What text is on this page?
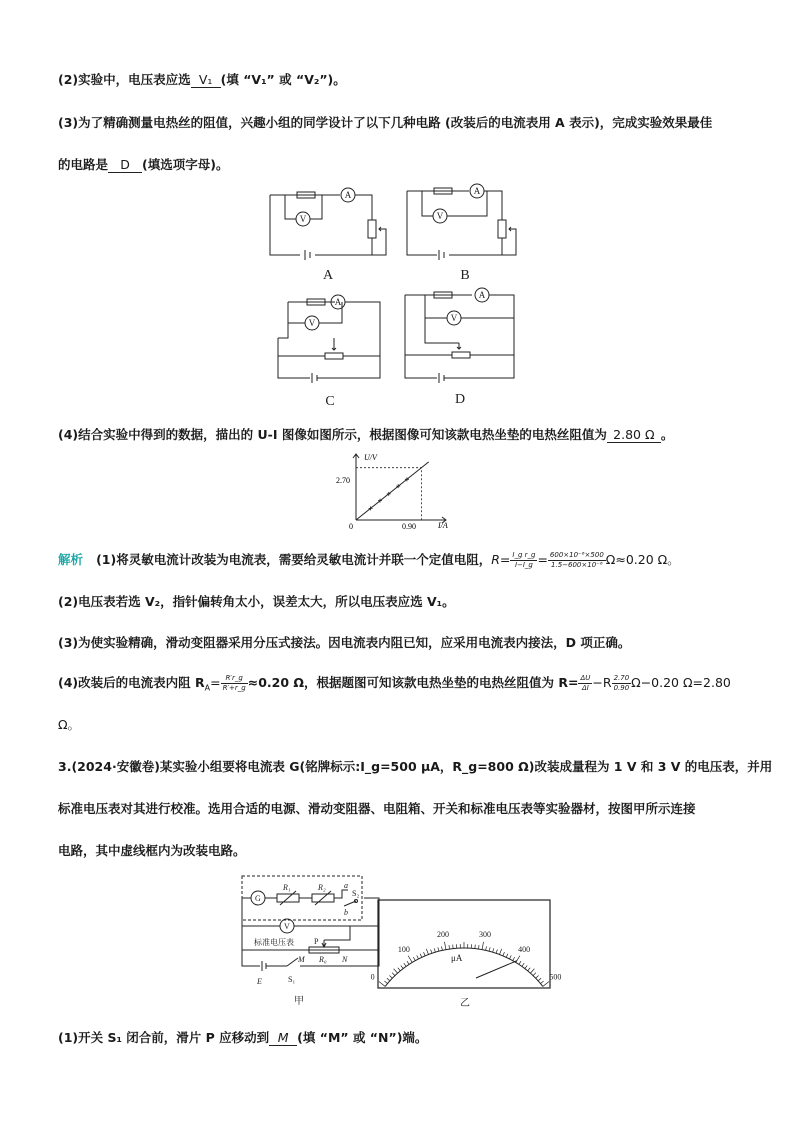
(2)实验中，电压表应选 V₁ (填 “V₁” 或 “V₂”)。
(3)为了精确测量电热丝的阻值，兴趣小组的同学设计了以下几种电路 (改装后的电流表用 A 表示)，完成实验效果最佳
的电路是 D (填选项字母)。
A
V
A
V
A
V
A
V
A	B
C	D
(4)结合实验中得到的数据，描出的 U-I 图像如图所示，根据图像可知该款电热坐垫的电热丝阻值为 2.80 Ω 。
U/V
I/A
2.70
0.90
0
解析 (1)将灵敏电流计改装为电流表，需要给灵敏电流计并联一个定值电阻，$R= \frac{\text{I\_g r\_g}}{I-I\_g} = \frac{\text{600×10⁻⁶×500}}{\text{1.5−600×10⁻⁶}} \Omega\approx 0.20$ Ω。
(2)电压表若选 V₂，指针偏转角太小，误差太大，所以电压表应选 V₁。
(3)为使实验精确，滑动变阻器采用分压式接法。因电流表内阻已知，应采用电流表内接法，D 项正确。
(4)改装后的电流表内阻 $R_A= \frac{R'r\_g}{R'+r\_g} \approx 0.20$ Ω，根据题图可知该款电热坐垫的电热丝阻值为 $R= \frac{\Delta U}{\Delta I} -R \frac{2.70}{0.90} \Omega-0.20$ Ω=2.80
Ω。
3.(2024·安徽卷)某实验小组要将电流表 G(铭牌标示:I_g=500 μA，R_g=800 Ω)改装成量程为 1 V 和 3 V 的电压表，并用
标准电压表对其进行校准。选用合适的电源、滑动变阻器、电阻箱、开关和标准电压表等实验器材，按图甲所示连接
电路，其中虚线框内为改装电路。
G
R₁	R₂ a
b
S₂
V
标准电压表	P
M R₀ N
S₁
E
甲
0
100
200	300
400
500
μA
乙
(1)开关 S₁ 闭合前，滑片 P 应移动到 M (填 “M” 或 “N”)端。
